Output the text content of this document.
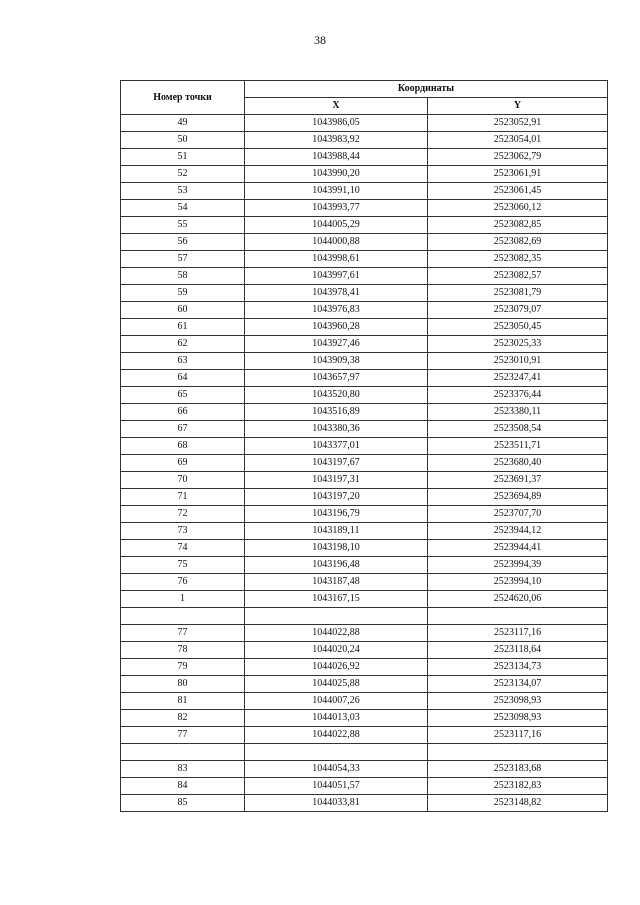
38
Номер точки	Координаты	
	X	Y
49	1043986,05	2523052,91
50	1043983,92	2523054,01
51	1043988,44	2523062,79
52	1043990,20	2523061,91
53	1043991,10	2523061,45
54	1043993,77	2523060,12
55	1044005,29	2523082,85
56	1044000,88	2523082,69
57	1043998,61	2523082,35
58	1043997,61	2523082,57
59	1043978,41	2523081,79
60	1043976,83	2523079,07
61	1043960,28	2523050,45
62	1043927,46	2523025,33
63	1043909,38	2523010,91
64	1043657,97	2523247,41
65	1043520,80	2523376,44
66	1043516,89	2523380,11
67	1043380,36	2523508,54
68	1043377,01	2523511,71
69	1043197,67	2523680,40
70	1043197,31	2523691,37
71	1043197,20	2523694,89
72	1043196,79	2523707,70
73	1043189,11	2523944,12
74	1043198,10	2523944,41
75	1043196,48	2523994,39
76	1043187,48	2523994,10
1	1043167,15	2524620,06

77	1044022,88	2523117,16
78	1044020,24	2523118,64
79	1044026,92	2523134,73
80	1044025,88	2523134,07
81	1044007,26	2523098,93
82	1044013,03	2523098,93
77	1044022,88	2523117,16

83	1044054,33	2523183,68
84	1044051,57	2523182,83
85	1044033,81	2523148,82
